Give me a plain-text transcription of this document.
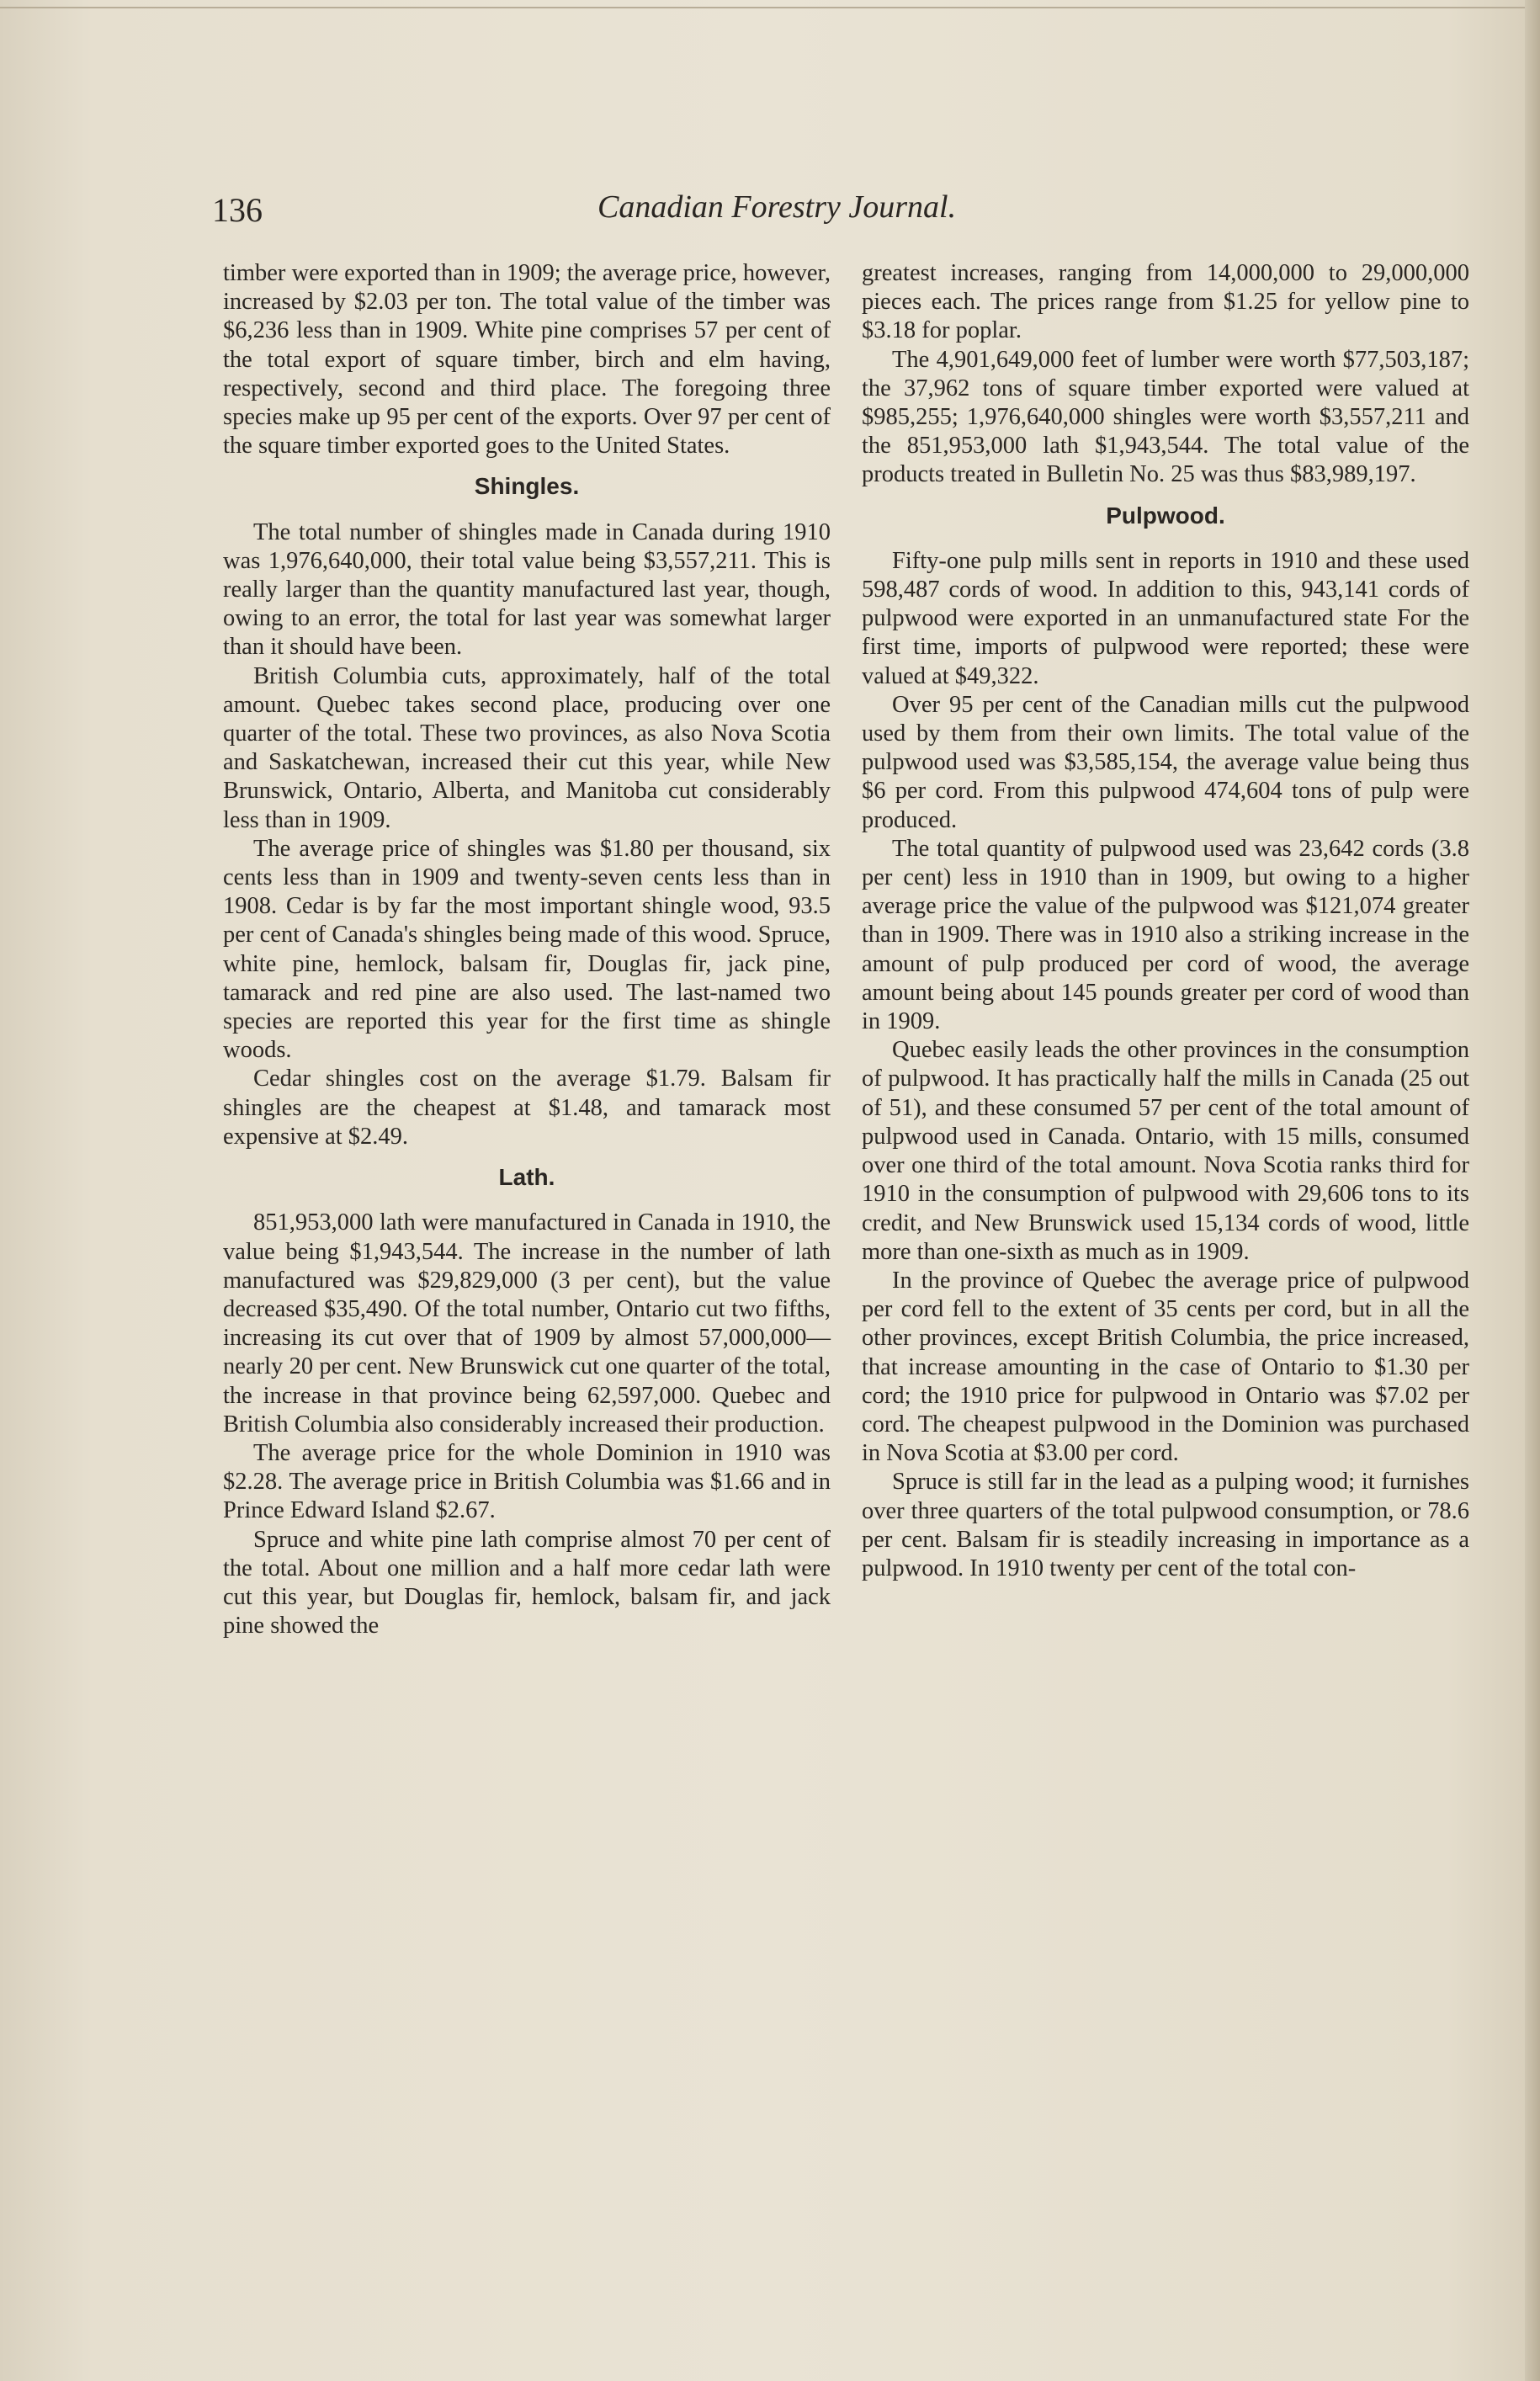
136	Canadian Forestry Journal.

timber were exported than in 1909; the average price, however, increased by $2.03 per ton. The total value of the timber was $6,236 less than in 1909. White pine comprises 57 per cent of the total export of square timber, birch and elm having, respectively, second and third place. The foregoing three species make up 95 per cent of the exports. Over 97 per cent of the square timber exported goes to the United States.

Shingles.

The total number of shingles made in Canada during 1910 was 1,976,640,000, their total value being $3,557,211. This is really larger than the quantity manufactured last year, though, owing to an error, the total for last year was somewhat larger than it should have been.

British Columbia cuts, approximately, half of the total amount. Quebec takes second place, producing over one quarter of the total. These two provinces, as also Nova Scotia and Saskatchewan, increased their cut this year, while New Brunswick, Ontario, Alberta, and Manitoba cut considerably less than in 1909.

The average price of shingles was $1.80 per thousand, six cents less than in 1909 and twenty-seven cents less than in 1908. Cedar is by far the most important shingle wood, 93.5 per cent of Canada's shingles being made of this wood. Spruce, white pine, hemlock, balsam fir, Douglas fir, jack pine, tamarack and red pine are also used. The last-named two species are reported this year for the first time as shingle woods.

Cedar shingles cost on the average $1.79. Balsam fir shingles are the cheapest at $1.48, and tamarack most expensive at $2.49.

Lath.

851,953,000 lath were manufactured in Canada in 1910, the value being $1,943,544. The increase in the number of lath manufactured was $29,829,000 (3 per cent), but the value decreased $35,490. Of the total number, Ontario cut two fifths, increasing its cut over that of 1909 by almost 57,000,000—nearly 20 per cent. New Brunswick cut one quarter of the total, the increase in that province being 62,597,000. Quebec and British Columbia also considerably increased their production.

The average price for the whole Dominion in 1910 was $2.28. The average price in British Columbia was $1.66 and in Prince Edward Island $2.67.

Spruce and white pine lath comprise almost 70 per cent of the total. About one million and a half more cedar lath were cut this year, but Douglas fir, hemlock, balsam fir, and jack pine showed the

greatest increases, ranging from 14,000,000 to 29,000,000 pieces each. The prices range from $1.25 for yellow pine to $3.18 for poplar.

The 4,901,649,000 feet of lumber were worth $77,503,187; the 37,962 tons of square timber exported were valued at $985,255; 1,976,640,000 shingles were worth $3,557,211 and the 851,953,000 lath $1,943,544. The total value of the products treated in Bulletin No. 25 was thus $83,989,197.

Pulpwood.

Fifty-one pulp mills sent in reports in 1910 and these used 598,487 cords of wood. In addition to this, 943,141 cords of pulpwood were exported in an unmanufactured state For the first time, imports of pulpwood were reported; these were valued at $49,322.

Over 95 per cent of the Canadian mills cut the pulpwood used by them from their own limits. The total value of the pulpwood used was $3,585,154, the average value being thus $6 per cord. From this pulpwood 474,604 tons of pulp were produced.

The total quantity of pulpwood used was 23,642 cords (3.8 per cent) less in 1910 than in 1909, but owing to a higher average price the value of the pulpwood was $121,074 greater than in 1909. There was in 1910 also a striking increase in the amount of pulp produced per cord of wood, the average amount being about 145 pounds greater per cord of wood than in 1909.

Quebec easily leads the other provinces in the consumption of pulpwood. It has practically half the mills in Canada (25 out of 51), and these consumed 57 per cent of the total amount of pulpwood used in Canada. Ontario, with 15 mills, consumed over one third of the total amount. Nova Scotia ranks third for 1910 in the consumption of pulpwood with 29,606 tons to its credit, and New Brunswick used 15,134 cords of wood, little more than one-sixth as much as in 1909.

In the province of Quebec the average price of pulpwood per cord fell to the extent of 35 cents per cord, but in all the other provinces, except British Columbia, the price increased, that increase amounting in the case of Ontario to $1.30 per cord; the 1910 price for pulpwood in Ontario was $7.02 per cord. The cheapest pulpwood in the Dominion was purchased in Nova Scotia at $3.00 per cord.

Spruce is still far in the lead as a pulping wood; it furnishes over three quarters of the total pulpwood consumption, or 78.6 per cent. Balsam fir is steadily increasing in importance as a pulpwood. In 1910 twenty per cent of the total con-
